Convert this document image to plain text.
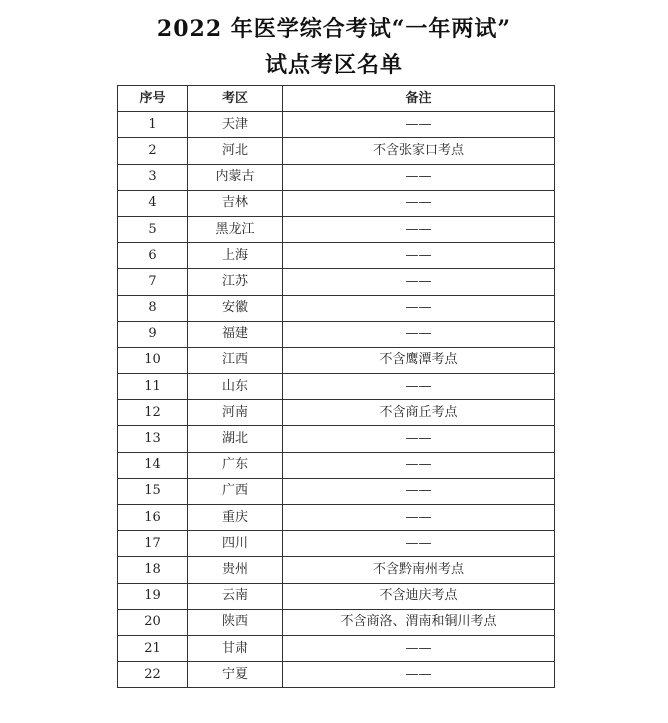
2022 年医学综合考试“一年两试”
试点考区名单
序号	考区	备注
1	天津	——
2	河北	不含张家口考点
3	内蒙古	——
4	吉林	——
5	黑龙江	——
6	上海	——
7	江苏	——
8	安徽	——
9	福建	——
10	江西	不含鹰潭考点
11	山东	——
12	河南	不含商丘考点
13	湖北	——
14	广东	——
15	广西	——
16	重庆	——
17	四川	——
18	贵州	不含黔南州考点
19	云南	不含迪庆考点
20	陕西	不含商洛、渭南和铜川考点
21	甘肃	——
22	宁夏	——
